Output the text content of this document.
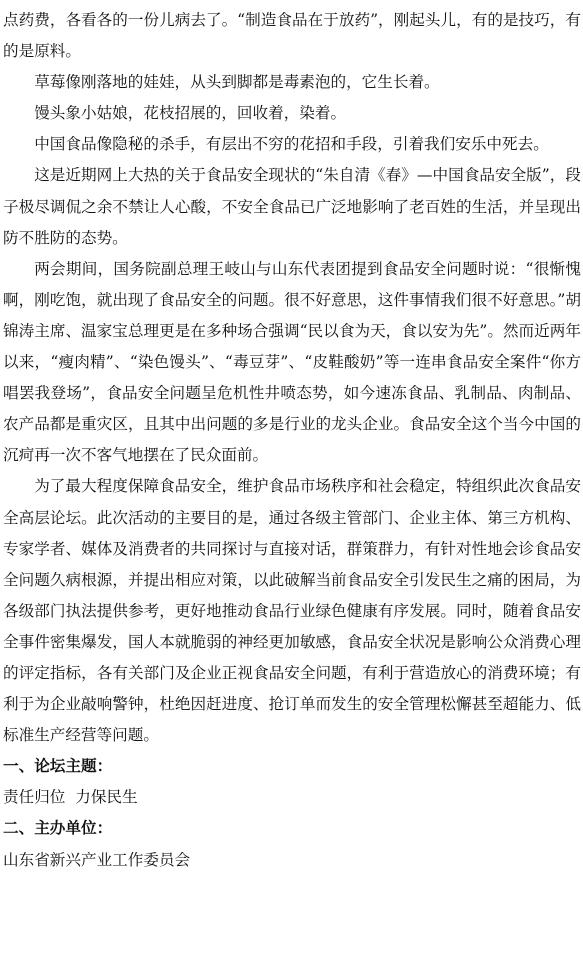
点药费，各看各的一份儿病去了。“制造食品在于放药”，刚起头儿，有的是技巧，有的是原料。

草莓像刚落地的娃娃，从头到脚都是毒素泡的，它生长着。

馒头象小姑娘，花枝招展的，回收着，染着。

中国食品像隐秘的杀手，有层出不穷的花招和手段，引着我们安乐中死去。

这是近期网上大热的关于食品安全现状的“朱自清《春》—中国食品安全版”，段子极尽调侃之余不禁让人心酸，不安全食品已广泛地影响了老百姓的生活，并呈现出防不胜防的态势。

两会期间，国务院副总理王岐山与山东代表团提到食品安全问题时说：“很惭愧啊，刚吃饱，就出现了食品安全的问题。很不好意思，这件事情我们很不好意思。”胡锦涛主席、温家宝总理更是在多种场合强调“民以食为天，食以安为先”。然而近两年以来，“瘦肉精”、“染色馒头”、“毒豆芽”、“皮鞋酸奶”等一连串食品安全案件“你方唱罢我登场”，食品安全问题呈危机性井喷态势，如今速冻食品、乳制品、肉制品、农产品都是重灾区，且其中出问题的多是行业的龙头企业。食品安全这个当今中国的沉疴再一次不客气地摆在了民众面前。

为了最大程度保障食品安全，维护食品市场秩序和社会稳定，特组织此次食品安全高层论坛。此次活动的主要目的是，通过各级主管部门、企业主体、第三方机构、专家学者、媒体及消费者的共同探讨与直接对话，群策群力，有针对性地会诊食品安全问题久病根源，并提出相应对策，以此破解当前食品安全引发民生之痛的困局，为各级部门执法提供参考，更好地推动食品行业绿色健康有序发展。同时，随着食品安全事件密集爆发，国人本就脆弱的神经更加敏感，食品安全状况是影响公众消费心理的评定指标，各有关部门及企业正视食品安全问题，有利于营造放心的消费环境；有利于为企业敲响警钟，杜绝因赶进度、抢订单而发生的安全管理松懈甚至超能力、低标准生产经营等问题。

一、论坛主题：

责任归位  力保民生

二、主办单位：

山东省新兴产业工作委员会
